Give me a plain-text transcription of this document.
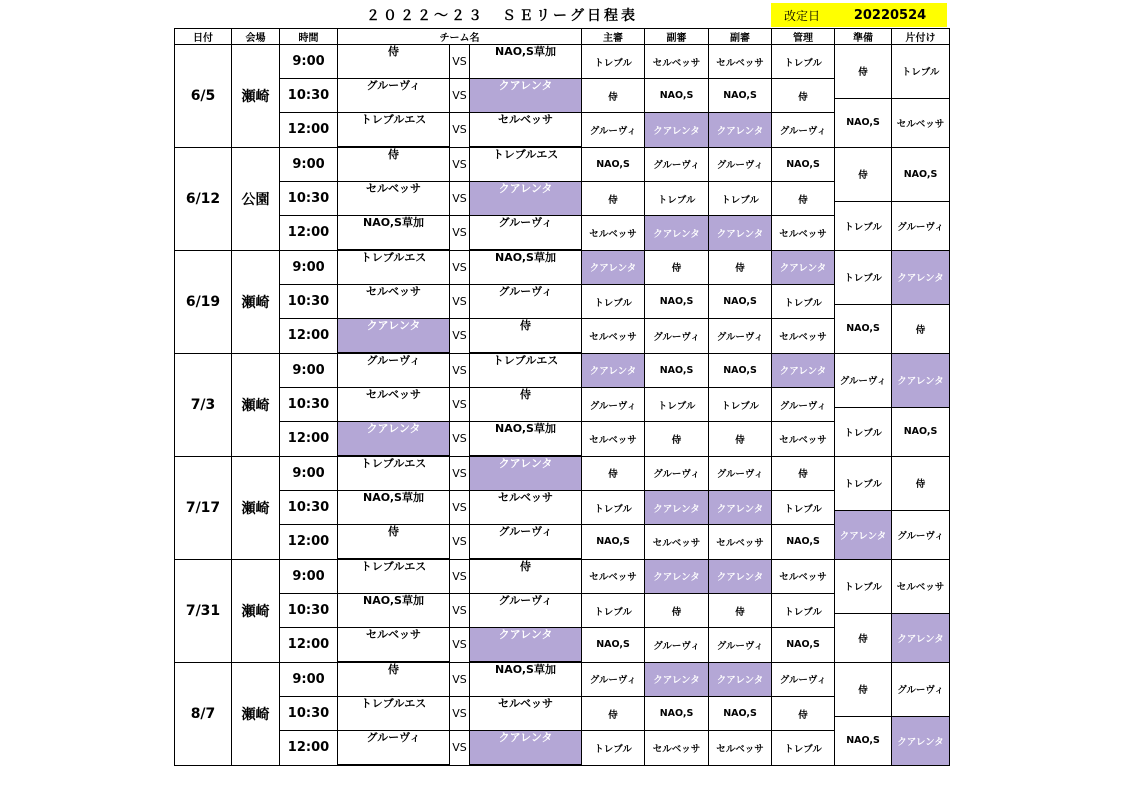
２０２２～２３　ＳＥリーグ日程表	改定日	20220524
日付	会場	時間	チーム名			主審	副審	副審	管理	準備	片付け
6/5	瀬崎	9:00	侍	VS	NAO,S草加	トレブル	セルベッサ	セルベッサ	トレブル	侍	トレブル

		10:30	グルーヴィ	VS	クアレンタ	侍	NAO,S	NAO,S	侍		
										NAO,S	セルベッサ
		12:00	トレブルエス	VS	セルベッサ	グルーヴィ	クアレンタ	クアレンタ	グルーヴィ		

6/12	公園	9:00	侍	VS	トレブルエス	NAO,S	グルーヴィ	グルーヴィ	NAO,S	侍	NAO,S

		10:30	セルベッサ	VS	クアレンタ	侍	トレブル	トレブル	侍		
										トレブル	グルーヴィ
		12:00	NAO,S草加	VS	グルーヴィ	セルベッサ	クアレンタ	クアレンタ	セルベッサ		

6/19	瀬崎	9:00	トレブルエス	VS	NAO,S草加	クアレンタ	侍	侍	クアレンタ	トレブル	クアレンタ

		10:30	セルベッサ	VS	グルーヴィ	トレブル	NAO,S	NAO,S	トレブル		
										NAO,S	侍
		12:00	クアレンタ	VS	侍	セルベッサ	グルーヴィ	グルーヴィ	セルベッサ		

7/3	瀬崎	9:00	グルーヴィ	VS	トレブルエス	クアレンタ	NAO,S	NAO,S	クアレンタ	グルーヴィ	クアレンタ

		10:30	セルベッサ	VS	侍	グルーヴィ	トレブル	トレブル	グルーヴィ		
										トレブル	NAO,S
		12:00	クアレンタ	VS	NAO,S草加	セルベッサ	侍	侍	セルベッサ		

7/17	瀬崎	9:00	トレブルエス	VS	クアレンタ	侍	グルーヴィ	グルーヴィ	侍	トレブル	侍

		10:30	NAO,S草加	VS	セルベッサ	トレブル	クアレンタ	クアレンタ	トレブル		
										クアレンタ	グルーヴィ
		12:00	侍	VS	グルーヴィ	NAO,S	セルベッサ	セルベッサ	NAO,S		

7/31	瀬崎	9:00	トレブルエス	VS	侍	セルベッサ	クアレンタ	クアレンタ	セルベッサ	トレブル	セルベッサ

		10:30	NAO,S草加	VS	グルーヴィ	トレブル	侍	侍	トレブル		
										侍	クアレンタ
		12:00	セルベッサ	VS	クアレンタ	NAO,S	グルーヴィ	グルーヴィ	NAO,S		

8/7	瀬崎	9:00	侍	VS	NAO,S草加	グルーヴィ	クアレンタ	クアレンタ	グルーヴィ	侍	グルーヴィ

		10:30	トレブルエス	VS	セルベッサ	侍	NAO,S	NAO,S	侍		
										NAO,S	クアレンタ
		12:00	グルーヴィ	VS	クアレンタ	トレブル	セルベッサ	セルベッサ	トレブル		
